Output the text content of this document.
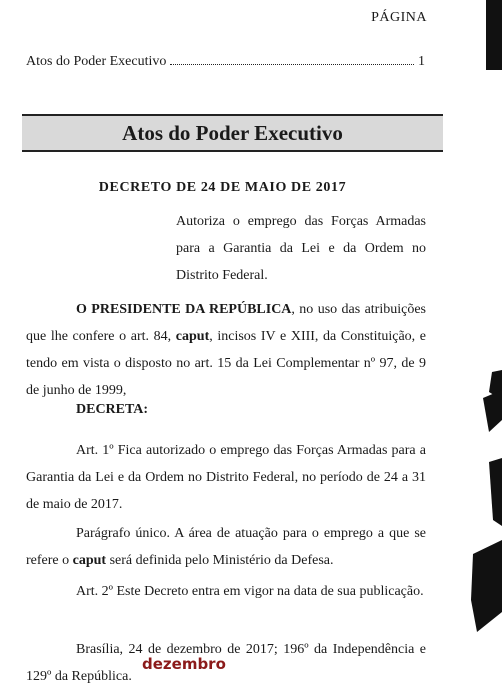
PÁGINA
Atos do Poder Executivo	1
Atos do Poder Executivo
DECRETO DE 24 DE MAIO DE 2017
Autoriza o emprego das Forças Armadas para a Garantia da Lei e da Ordem no Distrito Federal.
O PRESIDENTE DA REPÚBLICA, no uso das atribuições que lhe confere o art. 84, caput, incisos IV e XIII, da Constituição, e tendo em vista o disposto no art. 15 da Lei Complementar nº 97, de 9 de junho de 1999,
DECRETA:
Art. 1º Fica autorizado o emprego das Forças Armadas para a Garantia da Lei e da Ordem no Distrito Federal, no período de 24 a 31 de maio de 2017.
Parágrafo único. A área de atuação para o emprego a que se refere o caput será definida pelo Ministério da Defesa.
Art. 2º Este Decreto entra em vigor na data de sua publicação.
Brasília, 24 de dezembro de 2017; 196º da Independência e 129º da República.
dezembro
